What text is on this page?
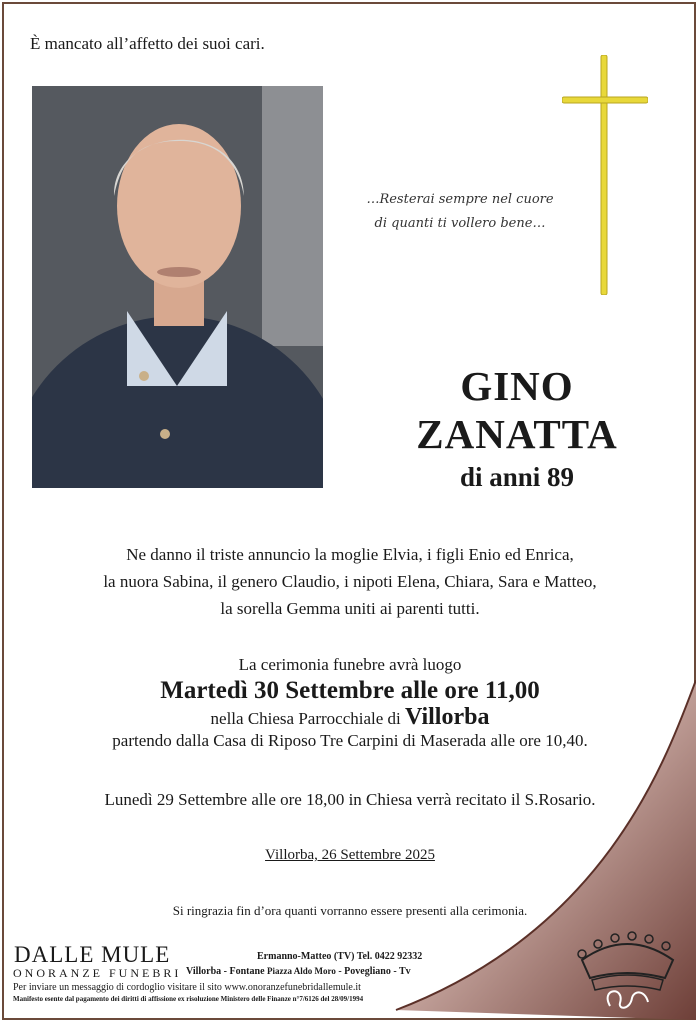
È mancato all’affetto dei suoi cari.
…Resterai sempre nel cuore
di quanti ti vollero bene…
GINO
ZANATTA
di anni 89
Ne danno il triste annuncio la moglie Elvia, i figli Enio ed Enrica,
la nuora Sabina, il genero Claudio, i nipoti Elena, Chiara, Sara e Matteo,
la sorella Gemma uniti ai parenti tutti.
La cerimonia funebre avrà luogo
Martedì 30 Settembre alle ore 11,00
nella Chiesa Parrocchiale di Villorba
partendo dalla Casa di Riposo Tre Carpini di Maserada alle ore 10,40.
Lunedì 29 Settembre alle ore 18,00 in Chiesa verrà recitato il S.Rosario.
Villorba, 26 Settembre 2025
Si ringrazia fin d’ora quanti vorranno essere presenti alla cerimonia.
DALLE MULE
ONORANZE FUNEBRI
Ermanno-Matteo (TV) Tel. 0422 92332
Villorba - Fontane Piazza Aldo Moro - Povegliano - Tv
Per inviare un messaggio di cordoglio visitare il sito www.onoranzefunebridallemule.it
Manifesto esente dal pagamento dei diritti di affissione ex risoluzione Ministero delle Finanze n°7/6126 del 28/09/1994
